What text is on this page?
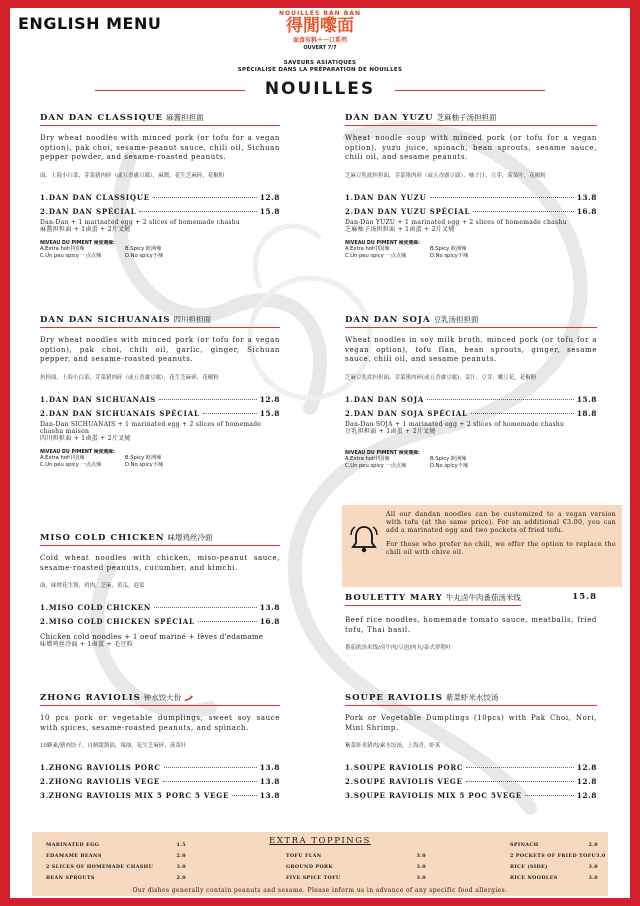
ENGLISH MENU
NOUILLES BAN BAN
得閒嚟面
面食有料＋一口系列
OUVERT 7/7
SAVEURS ASIATIQUES
SPÉCIALISÉ DANS LA PRÉPARATION DE NOUILLES
NOUILLES
DAN DAN CLASSIQUE 麻酱担担面

Dry wheat noodles with minced pork (or tofu for a vegan option), pak choi, sesame-peanut sauce, chili oil, Sichuan pepper powder, and sesame-roasted peanuts.

面，上海小白菜，芽菜猪肉碎（或五香盧豆腐），麻醬，花生芝麻碎，花椒粉

1.DAN DAN CLASSIQUE	12.8
2.DAN DAN SPÉCIAL	15.8

Dan-Dan + 1 marinated egg + 2 slices of homemade chashu

麻醬担担面 + 1鹵蛋 + 2片叉燒

NIVEAU DU PIMENT 辣度選擇:
A.Extra hot中国辣	B.Spicy 欧洲辣
C.Un peu spicy 一点点辣	D.No spicy不辣
DAN DAN YUZU 芝麻柚子汤担担面

Wheat noodle soup with minced pork (or tofu for a vegan option), yuzu juice, spinach, bean sprouts, sesame sauce, chili oil, and sesame peanuts.

芝麻豆乳底担担面，芽菜猪肉碎（或五香盧豆腐），柚子汁，豆芽，菠菜叶，花椒粉

1.DAN DAN YUZU	13.8
2.DAN DAN YUZU SPÉCIAL	16.8

Dan-Dan YUZU + 1 marinated egg + 2 slices of homemade chashu

芝麻柚子汤担担面 + 1鹵蛋 + 2片叉燒

NIVEAU DU PIMENT 辣度選擇:
A.Extra hot中国辣	B.Spicy 欧洲辣
C.Un peu spicy 一点点辣	D.No spicy不辣
DAN DAN SICHUANAIS 四川担担面

Dry wheat noodles with minced pork (or tofu for a vegan option), pak choi, chili oil, garlic, ginger, Sichuan pepper, and sesame-roasted peanuts.

担担面，上海小白菜，芽菜猪肉碎（或五香盧豆腐），花生芝麻碎，花椒粉

1.DAN DAN SICHUANAIS	12.8
2.DAN DAN SICHUANAIS SPÉCIAL	15.8

Dan-Dan SICHUANAIS + 1 marinated egg + 2 slices of homemade chashu maison

四川担担面 + 1鹵蛋 + 2片叉燒

NIVEAU DU PIMENT 辣度選擇:
A.Extra hot中国辣	B.Spicy 欧洲辣
C.Un peu spicy 一点点辣	D.No spicy不辣
DAN DAN SOJA 豆乳汤担担面

Wheat noodles in soy milk broth, minced pork (or tofu for a vegan option), tofu flan, bean sprouts, ginger, sesame sauce, chili oil, and sesame peanuts.

芝麻豆乳底担担面，芽菜猪肉碎(或五香盧豆腐)，姜汁，豆芽，嫩豆花，花椒粉

1.DAN DAN SOJA	15.8
2.DAN DAN SOJA SPÉCIAL	18.8

Dan-Dan SOJA + 1 marinated egg + 2 slices of homemade chashu

豆乳担担面 + 1鹵蛋 + 2片叉燒

NIVEAU DU PIMENT 辣度選擇:
A.Extra hot中国辣	B.Spicy 欧洲辣
C.Un peu spicy 一点点辣	D.No spicy不辣

All our dandan noodles can be customized to a vegan version with tofu (at the same price). For an additional €3.00, you can add a marinated egg and two pockets of fried tofu.

For those who prefer no chili, we offer the option to replace the chili oil with chive oil.

MISO COLD CHICKEN 味增鸡丝冷面

Cold wheat noodles with chicken, miso-peanut sauce, sesame-roasted peanuts, cucumber, and kimchi.

面，味增花生酱，鸡肉，芝麻，黄瓜，泡菜

1.MISO COLD CHICKEN	13.8
2.MISO COLD CHICKEN SPÉCIAL	16.8

Chicken cold noodles + 1 oeuf mariné + fèves d'edamame

味增鸡丝冷面 + 1鹵蛋 + 毛豆粒

BOULETTY MARY 牛丸卤牛肉番茄汤米线	15.8

Beef rice noodles, homemade tomato sauce, meatballs, fried tofu, Thai basil.

番茄浓汤米线/卤牛肉/豆泡/肉丸/泰式萝勒叶

ZHONG RAVIOLIS 钟水饺大份

10 pcs pork or vegetable dumplings, sweet soy sauce with spices, sesame-roasted peanuts, and spinach.

10颗素/猪肉饺子，自制甜酱油，辣油，花生芝麻碎，菠菜叶

1.ZHONG RAVIOLIS PORC	13.8
2.ZHONG RAVIOLIS VEGE	13.8
3.ZHONG RAVIOLIS MIX 5 PORC 5 VEGE	13.8
SOUPE RAVIOLIS 紫菜虾米水饺汤

Pork or Vegetable Dumplings (10pcs) with Pak Choi, Nori, Mini Shrimp.

紫菜虾米猪肉/素水饺汤，上海青，虾米

1.SOUPE RAVIOLIS PORC	12.8
2.SOUPE RAVIOLIS VEGE	12.8
3.SOUPE RAVIOLIS MIX 5 POC 5VEGE	12.8
EXTRA TOPPINGS
MARINATED EGG	1.5
EDAMAME BEANS	2.0
2 SLICES OF HOMEMADE CHASHU	3.0
BEAN SPROUTS	2.0
TOFU FLAN	3.0
GROUND PORK	3.0
FIVE SPICE TOFU	3.0
SPINACH	2.0
2 POCKETS OF FRIED TOFU 3.0
RICE (SIDE)	3.0
RICE NOODLES	3.0
Our dishes generally contain peanuts and sesame. Please inform us in advance of any specific food allergies.
